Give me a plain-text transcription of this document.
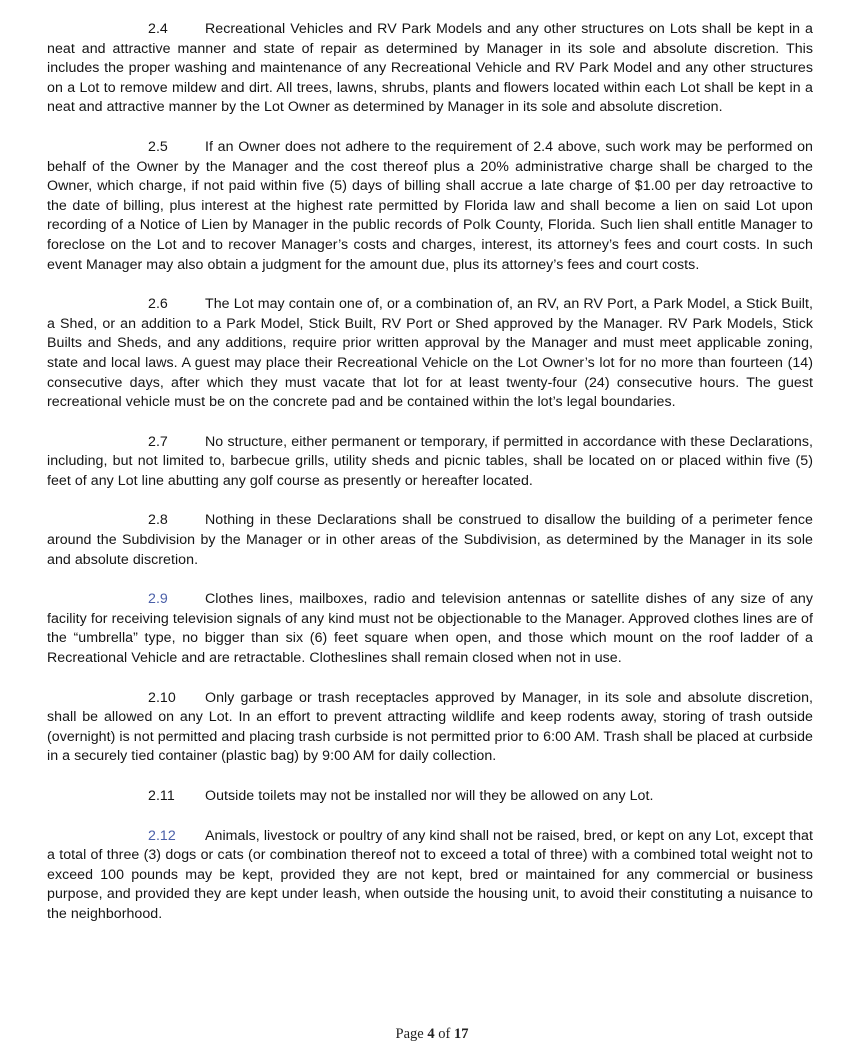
2.4	Recreational Vehicles and RV Park Models and any other structures on Lots shall be kept in a neat and attractive manner and state of repair as determined by Manager in its sole and absolute discretion. This includes the proper washing and maintenance of any Recreational Vehicle and RV Park Model and any other structures on a Lot to remove mildew and dirt. All trees, lawns, shrubs, plants and flowers located within each Lot shall be kept in a neat and attractive manner by the Lot Owner as determined by Manager in its sole and absolute discretion.

2.5	If an Owner does not adhere to the requirement of 2.4 above, such work may be performed on behalf of the Owner by the Manager and the cost thereof plus a 20% administrative charge shall be charged to the Owner, which charge, if not paid within five (5) days of billing shall accrue a late charge of $1.00 per day retroactive to the date of billing, plus interest at the highest rate permitted by Florida law and shall become a lien on said Lot upon recording of a Notice of Lien by Manager in the public records of Polk County, Florida. Such lien shall entitle Manager to foreclose on the Lot and to recover Manager’s costs and charges, interest, its attorney’s fees and court costs. In such event Manager may also obtain a judgment for the amount due, plus its attorney’s fees and court costs.

2.6	The Lot may contain one of, or a combination of, an RV, an RV Port, a Park Model, a Stick Built, a Shed, or an addition to a Park Model, Stick Built, RV Port or Shed approved by the Manager. RV Park Models, Stick Builts and Sheds, and any additions, require prior written approval by the Manager and must meet applicable zoning, state and local laws. A guest may place their Recreational Vehicle on the Lot Owner’s lot for no more than fourteen (14) consecutive days, after which they must vacate that lot for at least twenty-four (24) consecutive hours. The guest recreational vehicle must be on the concrete pad and be contained within the lot’s legal boundaries.

2.7	No structure, either permanent or temporary, if permitted in accordance with these Declarations, including, but not limited to, barbecue grills, utility sheds and picnic tables, shall be located on or placed within five (5) feet of any Lot line abutting any golf course as presently or hereafter located.

2.8	Nothing in these Declarations shall be construed to disallow the building of a perimeter fence around the Subdivision by the Manager or in other areas of the Subdivision, as determined by the Manager in its sole and absolute discretion.

2.9	Clothes lines, mailboxes, radio and television antennas or satellite dishes of any size of any facility for receiving television signals of any kind must not be objectionable to the Manager. Approved clothes lines are of the “umbrella” type, no bigger than six (6) feet square when open, and those which mount on the roof ladder of a Recreational Vehicle and are retractable. Clotheslines shall remain closed when not in use.

2.10 Only garbage or trash receptacles approved by Manager, in its sole and absolute discretion, shall be allowed on any Lot. In an effort to prevent attracting wildlife and keep rodents away, storing of trash outside (overnight) is not permitted and placing trash curbside is not permitted prior to 6:00 AM. Trash shall be placed at curbside in a securely tied container (plastic bag) by 9:00 AM for daily collection.

2.11 Outside toilets may not be installed nor will they be allowed on any Lot.

2.12 Animals, livestock or poultry of any kind shall not be raised, bred, or kept on any Lot, except that a total of three (3) dogs or cats (or combination thereof not to exceed a total of three) with a combined total weight not to exceed 100 pounds may be kept, provided they are not kept, bred or maintained for any commercial or business purpose, and provided they are kept under leash, when outside the housing unit, to avoid their constituting a nuisance to the neighborhood.

Page 4 of 17
